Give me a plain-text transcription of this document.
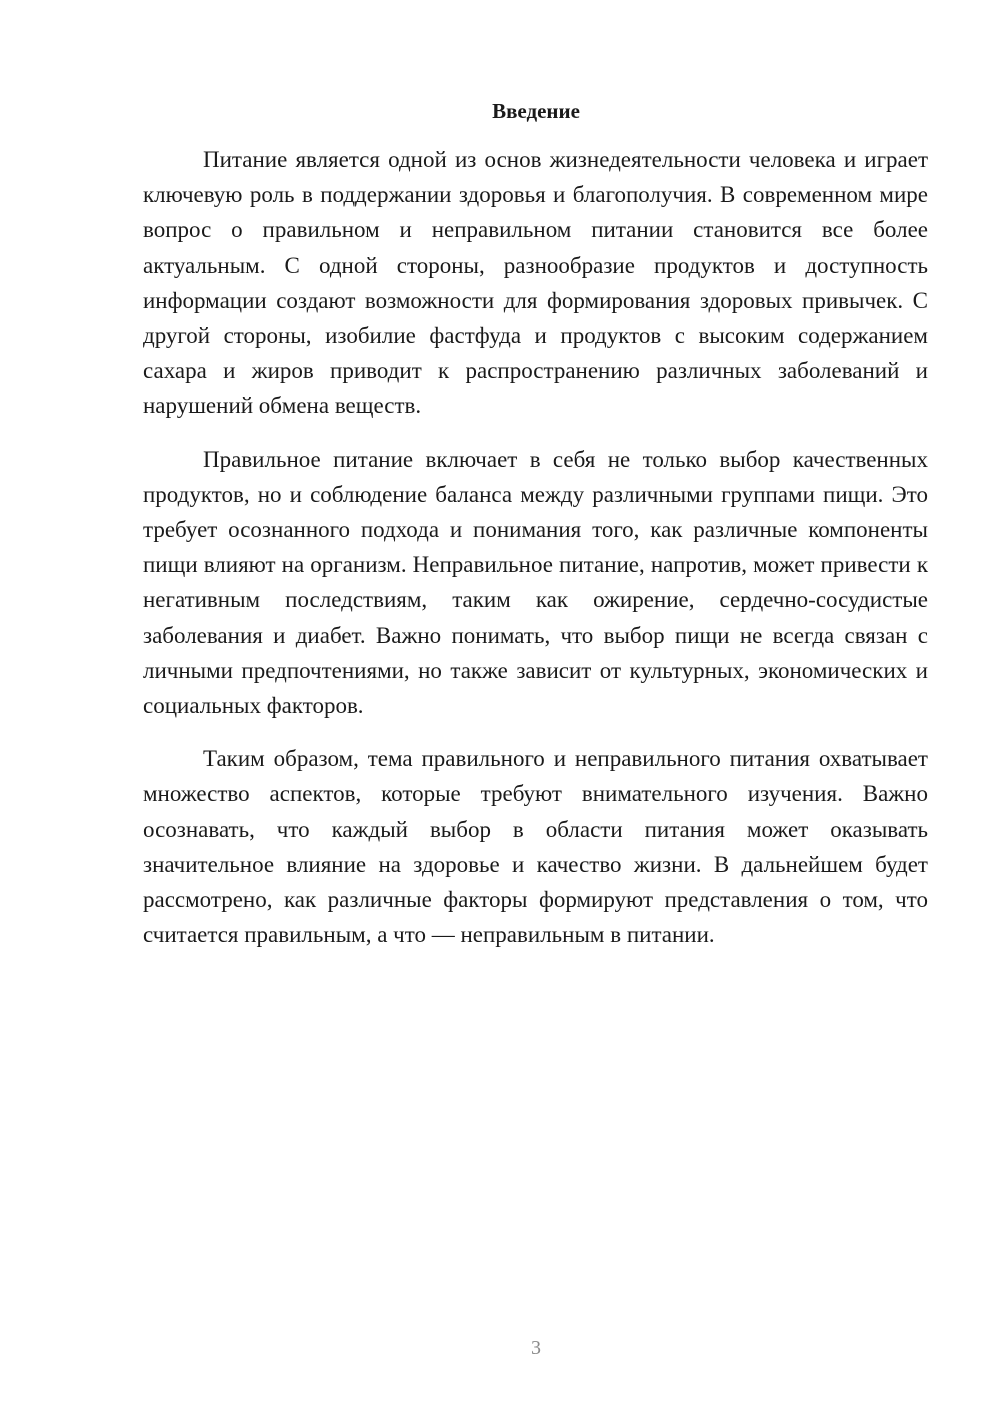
Введение

Питание является одной из основ жизнедеятельности человека и играет ключевую роль в поддержании здоровья и благополучия. В современном мире вопрос о правильном и неправильном питании становится все более актуальным. С одной стороны, разнообразие продуктов и доступность информации создают возможности для формирования здоровых привычек. С другой стороны, изобилие фастфуда и продуктов с высоким содержанием сахара и жиров приводит к распространению различных заболеваний и нарушений обмена веществ.

Правильное питание включает в себя не только выбор качественных продуктов, но и соблюдение баланса между различными группами пищи. Это требует осознанного подхода и понимания того, как различные компоненты пищи влияют на организм. Неправильное питание, напротив, может привести к негативным последствиям, таким как ожирение, сердечно-сосудистые заболевания и диабет. Важно понимать, что выбор пищи не всегда связан с личными предпочтениями, но также зависит от культурных, экономических и социальных факторов.

Таким образом, тема правильного и неправильного питания охватывает множество аспектов, которые требуют внимательного изучения. Важно осознавать, что каждый выбор в области питания может оказывать значительное влияние на здоровье и качество жизни. В дальнейшем будет рассмотрено, как различные факторы формируют представления о том, что считается правильным, а что — неправильным в питании.

3
